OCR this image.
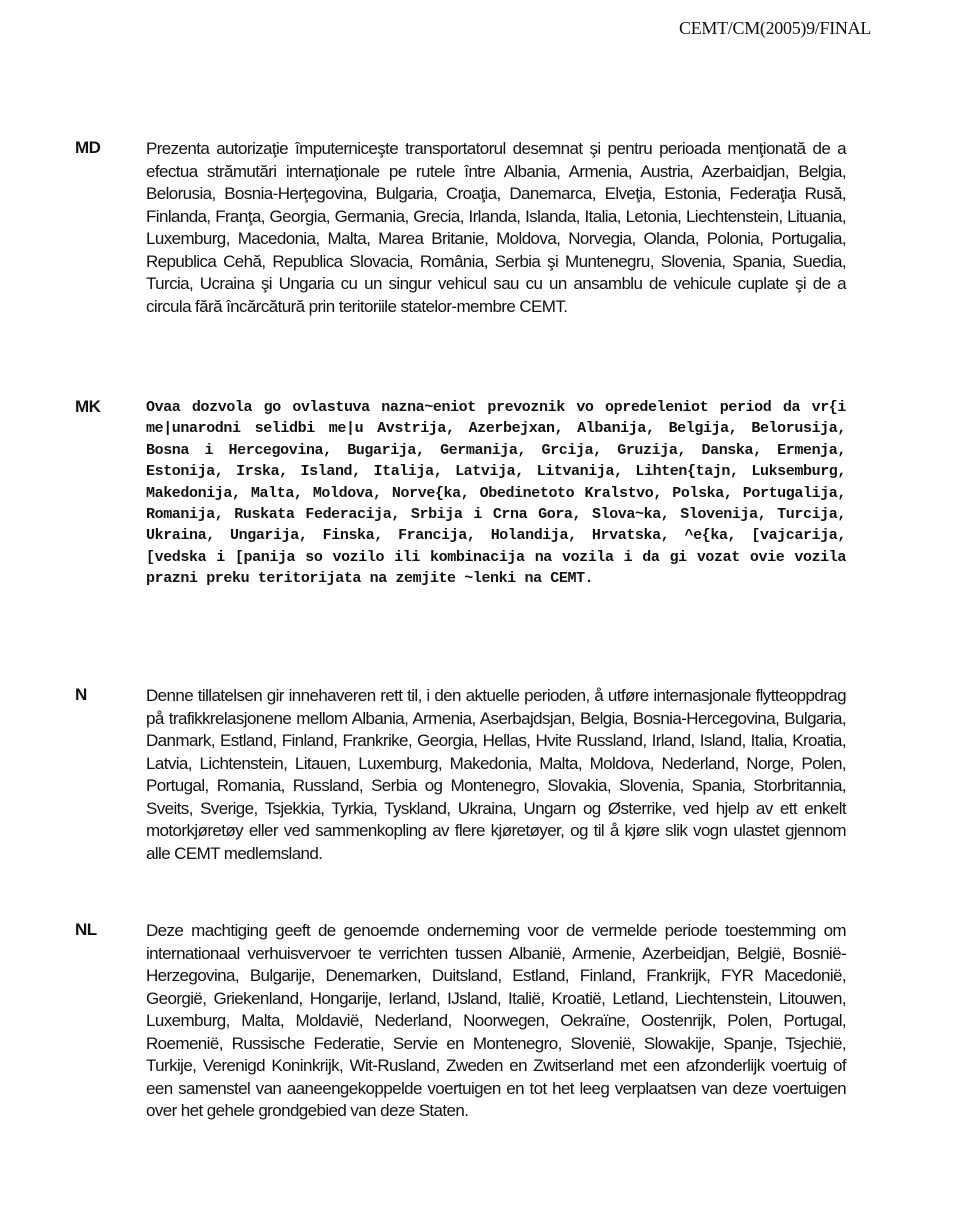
CEMT/CM(2005)9/FINAL
MD	Prezenta autorizaţie împuterniceşte transportatorul desemnat şi pentru perioada menţionată de a efectua strămutări internaţionale pe rutele între Albania, Armenia, Austria, Azerbaidjan, Belgia, Belorusia, Bosnia-Herţegovina, Bulgaria, Croaţia, Danemarca, Elveţia, Estonia, Federaţia Rusă, Finlanda, Franţa, Georgia, Germania, Grecia, Irlanda, Islanda, Italia, Letonia, Liechtenstein, Lituania, Luxemburg, Macedonia, Malta, Marea Britanie, Moldova, Norvegia, Olanda, Polonia, Portugalia, Republica Cehă, Republica Slovacia, România, Serbia şi Muntenegru, Slovenia, Spania, Suedia, Turcia, Ucraina şi Ungaria cu un singur vehicul sau cu un ansamblu de vehicule cuplate şi de a circula fără încărcătură prin teritoriile statelor-membre CEMT.
MK	Ovaa dozvola go ovlastuva nazna~eniot prevoznik vo opredeleniot period da vr{i me|unarodni selidbi me|u Avstrija, Azerbejxan, Albanija, Belgija, Belorusija, Bosna i Hercegovina, Bugarija, Germanija, Grcija, Gruzija, Danska, Ermenja, Estonija, Irska, Island, Italija, Latvija, Litvanija, Lihten{tajn, Luksemburg, Makedonija, Malta, Moldova, Norve{ka, Obedinetoto Kralstvo, Polska, Portugalija, Romanija, Ruskata Federacija, Srbija i Crna Gora, Slova~ka, Slovenija, Turcija, Ukraina, Ungarija, Finska, Francija, Holandija, Hrvatska, ^e{ka, [vajcarija, [vedska i [panija so vozilo ili kombinacija na vozila i da gi vozat ovie vozila prazni preku teritorijata na zemjite ~lenki na CEMT.
N	Denne tillatelsen gir innehaveren rett til, i den aktuelle perioden, å utføre internasjonale flytteoppdrag på trafikkrelasjonene mellom Albania, Armenia, Aserbajdsjan, Belgia, Bosnia-Hercegovina, Bulgaria, Danmark, Estland, Finland, Frankrike, Georgia, Hellas, Hvite Russland, Irland, Island, Italia, Kroatia, Latvia, Lichtenstein, Litauen, Luxemburg, Makedonia, Malta, Moldova, Nederland, Norge, Polen, Portugal, Romania, Russland, Serbia og Montenegro, Slovakia, Slovenia, Spania, Storbritannia, Sveits, Sverige, Tsjekkia, Tyrkia, Tyskland, Ukraina, Ungarn og Østerrike, ved hjelp av ett enkelt motorkjøretøy eller ved sammenkopling av flere kjøretøyer, og til å kjøre slik vogn ulastet gjennom alle CEMT medlemsland.
NL	Deze machtiging geeft de genoemde onderneming voor de vermelde periode toestemming om internationaal verhuisvervoer te verrichten tussen Albanië, Armenie, Azerbeidjan, België, Bosnië-Herzegovina, Bulgarije, Denemarken, Duitsland, Estland, Finland, Frankrijk, FYR Macedonië, Georgië, Griekenland, Hongarije, Ierland, IJsland, Italië, Kroatië, Letland, Liechtenstein, Litouwen, Luxemburg, Malta, Moldavië, Nederland, Noorwegen, Oekraïne, Oostenrijk, Polen, Portugal, Roemenië, Russische Federatie, Servie en Montenegro, Slovenië, Slowakije, Spanje, Tsjechië, Turkije, Verenigd Koninkrijk, Wit-Rusland, Zweden en Zwitserland met een afzonderlijk voertuig of een samenstel van aaneengekoppelde voertuigen en tot het leeg verplaatsen van deze voertuigen over het gehele grondgebied van deze Staten.
